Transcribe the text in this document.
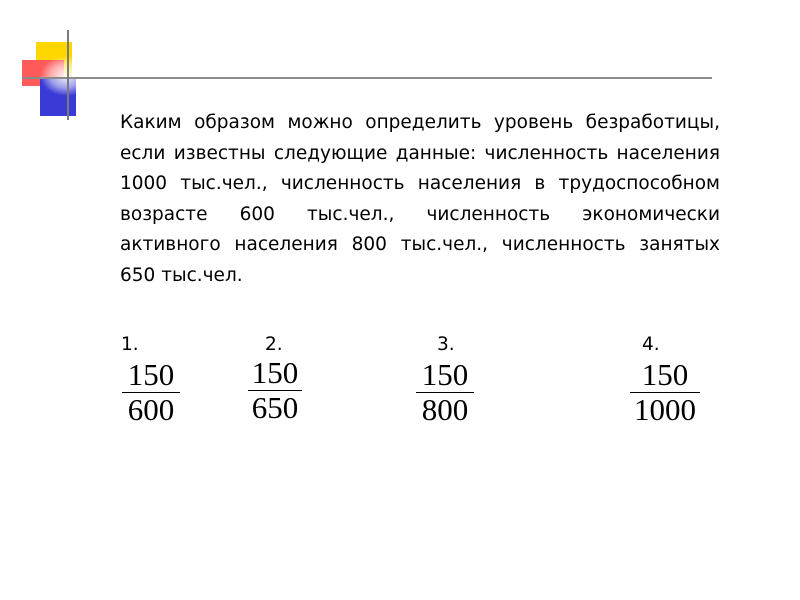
Каким образом можно определить уровень безработицы, если известны следующие данные: численность населения 1000 тыс.чел., численность населения в трудоспособном возрасте 600 тыс.чел., численность экономически активного населения 800 тыс.чел., численность занятых 650 тыс.чел.

1.	2.	3.	4.
150
600
150
650
150
800
150
1000
